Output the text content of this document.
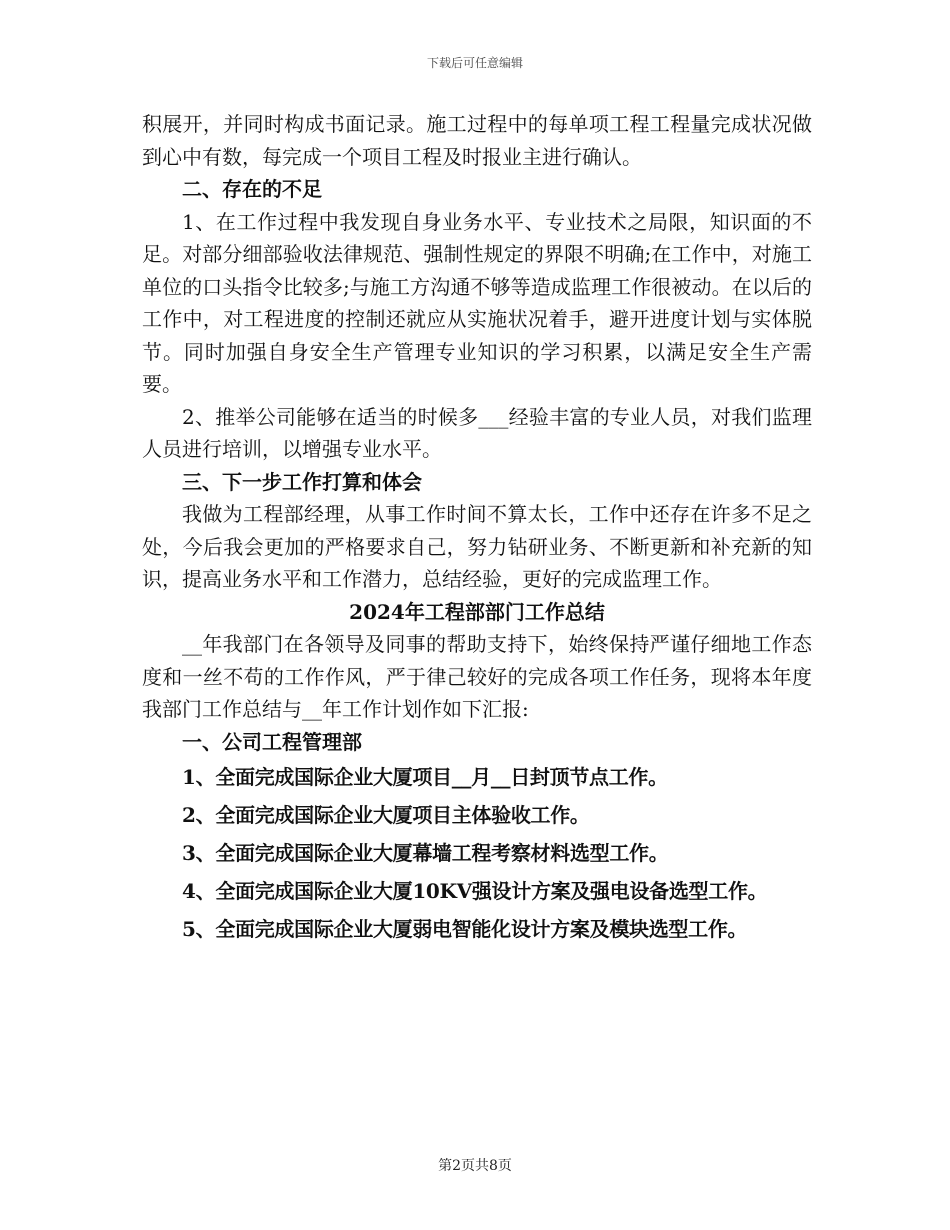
下载后可任意编辑

积展开，并同时构成书面记录。施工过程中的每单项工程工程量完成状况做到心中有数，每完成一个项目工程及时报业主进行确认。

二、存在的不足

1、在工作过程中我发现自身业务水平、专业技术之局限，知识面的不足。对部分细部验收法律规范、强制性规定的界限不明确;在工作中，对施工单位的口头指令比较多;与施工方沟通不够等造成监理工作很被动。在以后的工作中，对工程进度的控制还就应从实施状况着手，避开进度计划与实体脱节。同时加强自身安全生产管理专业知识的学习积累，以满足安全生产需要。

2、推举公司能够在适当的时候多___经验丰富的专业人员，对我们监理人员进行培训，以增强专业水平。

三、下一步工作打算和体会

我做为工程部经理，从事工作时间不算太长，工作中还存在许多不足之处，今后我会更加的严格要求自己，努力钻研业务、不断更新和补充新的知识，提高业务水平和工作潜力，总结经验，更好的完成监理工作。

2024年工程部部门工作总结

__年我部门在各领导及同事的帮助支持下，始终保持严谨仔细地工作态度和一丝不苟的工作作风，严于律己较好的完成各项工作任务，现将本年度我部门工作总结与__年工作计划作如下汇报:

一、公司工程管理部

1、全面完成国际企业大厦项目__月__日封顶节点工作。

2、全面完成国际企业大厦项目主体验收工作。

3、全面完成国际企业大厦幕墙工程考察材料选型工作。

4、全面完成国际企业大厦10KV强设计方案及强电设备选型工作。

5、全面完成国际企业大厦弱电智能化设计方案及模块选型工作。

第2页共8页
